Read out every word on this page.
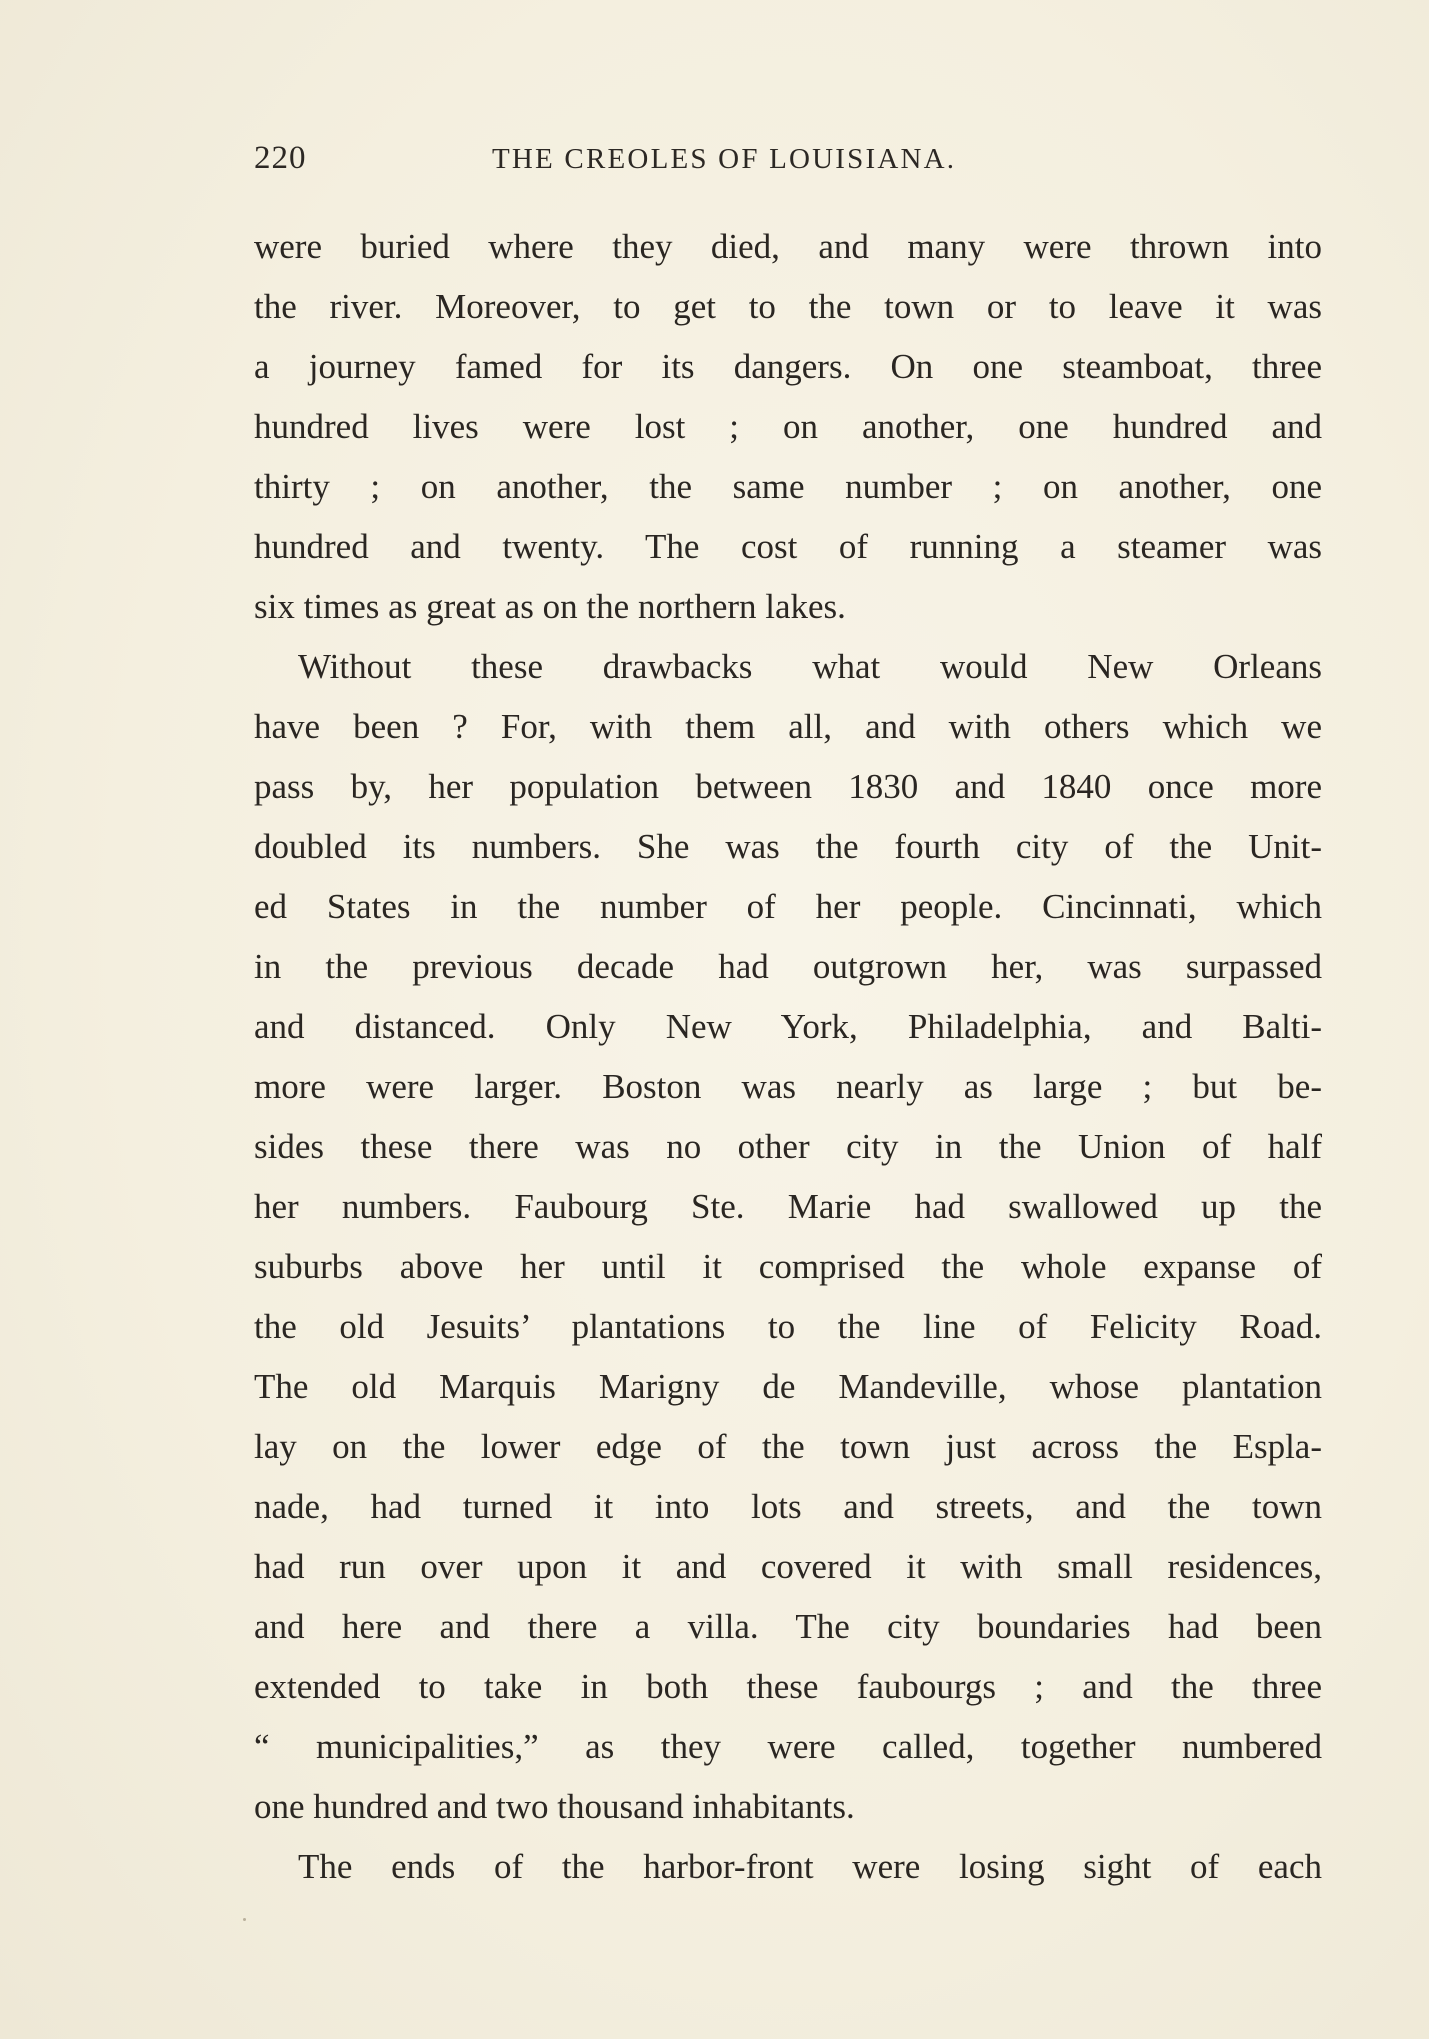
220	THE CREOLES OF LOUISIANA.
were buried where they died, and many were thrown into
the river. Moreover, to get to the town or to leave it was
a journey famed for its dangers. On one steamboat, three
hundred lives were lost ; on another, one hundred and
thirty ; on another, the same number ; on another, one
hundred and twenty. The cost of running a steamer was
six times as great as on the northern lakes.
Without these drawbacks what would New Orleans
have been ? For, with them all, and with others which we
pass by, her population between 1830 and 1840 once more
doubled its numbers. She was the fourth city of the Unit-
ed States in the number of her people. Cincinnati, which
in the previous decade had outgrown her, was surpassed
and distanced. Only New York, Philadelphia, and Balti-
more were larger. Boston was nearly as large ; but be-
sides these there was no other city in the Union of half
her numbers. Faubourg Ste. Marie had swallowed up the
suburbs above her until it comprised the whole expanse of
the old Jesuits’ plantations to the line of Felicity Road.
The old Marquis Marigny de Mandeville, whose plantation
lay on the lower edge of the town just across the Espla-
nade, had turned it into lots and streets, and the town
had run over upon it and covered it with small residences,
and here and there a villa. The city boundaries had been
extended to take in both these faubourgs ; and the three
“ municipalities,” as they were called, together numbered
one hundred and two thousand inhabitants.
The ends of the harbor-front were losing sight of each
